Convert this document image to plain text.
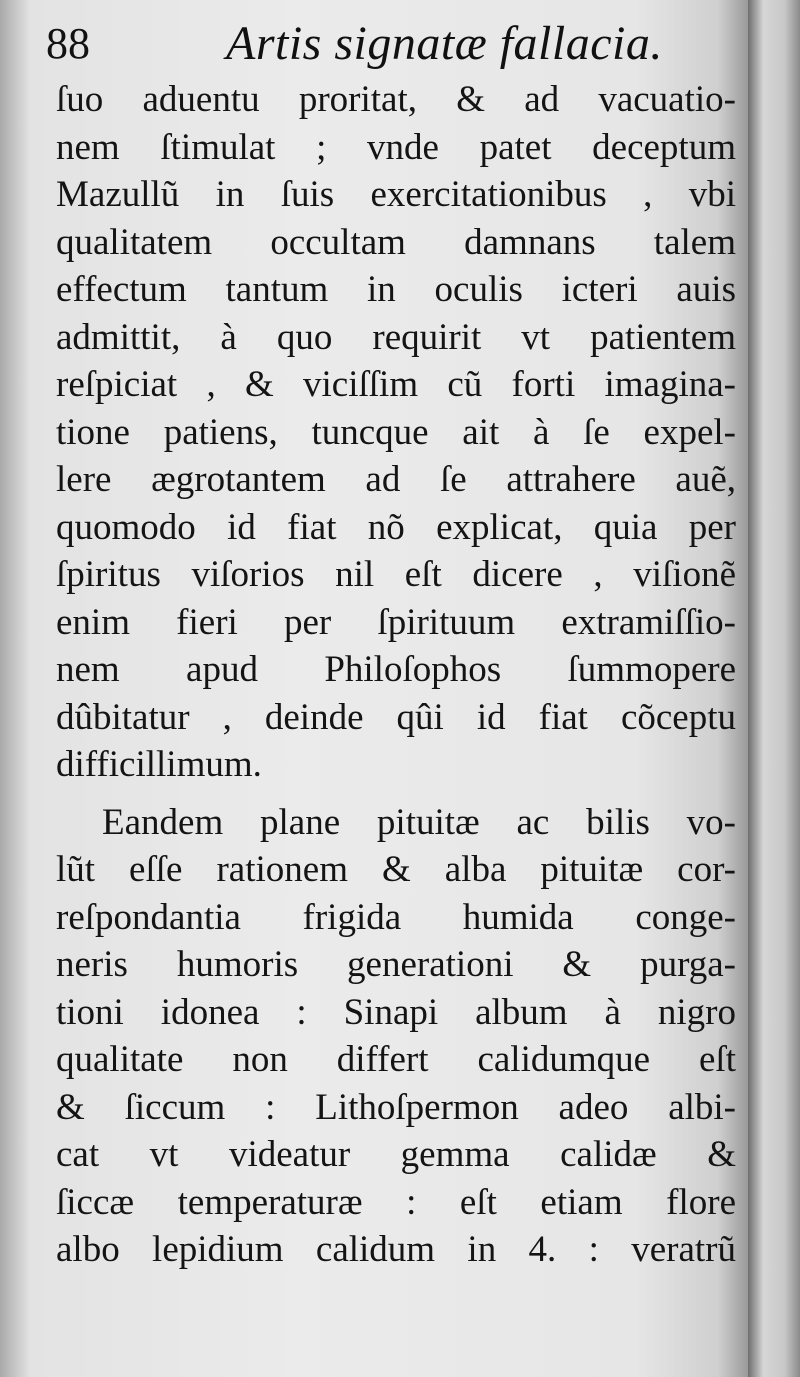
88	Artis signatæ fallacia.
ſuo aduentu proritat, & ad vacuatio-
nem ſtimulat ; vnde patet deceptum
Mazullũ in ſuis exercitationibus , vbi
qualitatem occultam damnans talem
effectum tantum in oculis icteri auis
admittit, à quo requirit vt patientem
reſpiciat , & viciſſim cũ forti imagina-
tione patiens, tuncque ait à ſe expel-
lere ægrotantem ad ſe attrahere auẽ,
quomodo id fiat nõ explicat, quia per
ſpiritus viſorios nil eſt dicere , viſionẽ
enim fieri per ſpirituum extramiſſio-
nem apud Philoſophos ſummopere
dûbitatur , deinde qûi id fiat cõceptu
difficillimum.
Eandem plane pituitæ ac bilis vo-
lũt eſſe rationem & alba pituitæ cor-
reſpondantia frigida humida conge-
neris humoris generationi & purga-
tioni idonea : Sinapi album à nigro
qualitate non differt calidumque eſt
& ſiccum : Lithoſpermon adeo albi-
cat vt videatur gemma calidæ &
ſiccæ temperaturæ : eſt etiam flore
albo lepidium calidum in 4. : veratrũ
